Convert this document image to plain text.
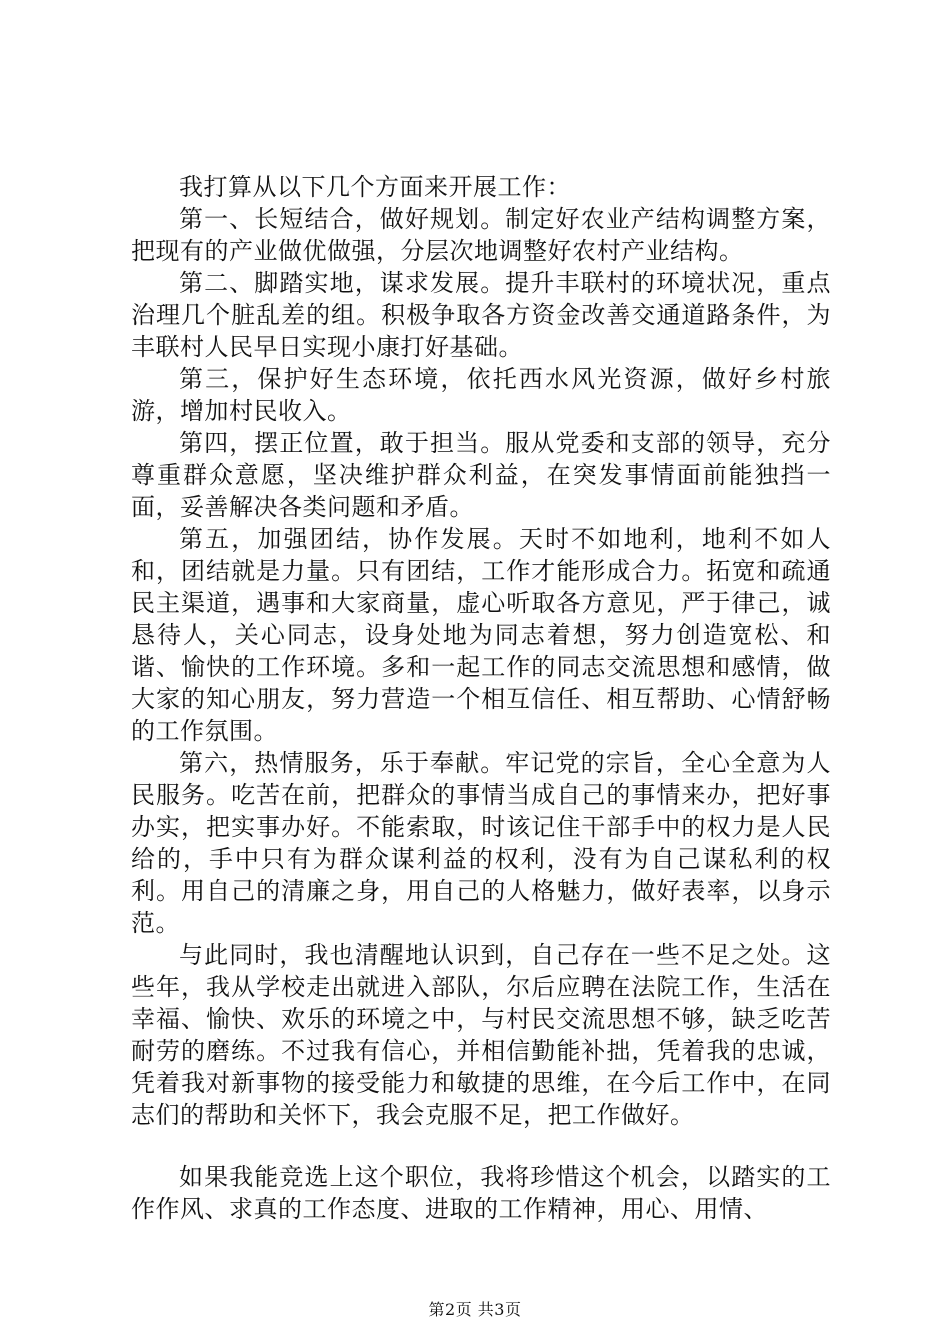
我打算从以下几个方面来开展工作：

第一、长短结合，做好规划。制定好农业产结构调整方案，把现有的产业做优做强，分层次地调整好农村产业结构。

第二、脚踏实地，谋求发展。提升丰联村的环境状况，重点治理几个脏乱差的组。积极争取各方资金改善交通道路条件，为丰联村人民早日实现小康打好基础。

第三，保护好生态环境，依托西水风光资源，做好乡村旅游，增加村民收入。

第四，摆正位置，敢于担当。服从党委和支部的领导，充分尊重群众意愿，坚决维护群众利益，在突发事情面前能独挡一面，妥善解决各类问题和矛盾。

第五，加强团结，协作发展。天时不如地利，地利不如人和，团结就是力量。只有团结，工作才能形成合力。拓宽和疏通民主渠道，遇事和大家商量，虚心听取各方意见，严于律己，诚恳待人，关心同志，设身处地为同志着想，努力创造宽松、和谐、愉快的工作环境。多和一起工作的同志交流思想和感情，做大家的知心朋友，努力营造一个相互信任、相互帮助、心情舒畅的工作氛围。

第六，热情服务，乐于奉献。牢记党的宗旨，全心全意为人民服务。吃苦在前，把群众的事情当成自己的事情来办，把好事办实，把实事办好。不能索取，时该记住干部手中的权力是人民给的，手中只有为群众谋利益的权利，没有为自己谋私利的权利。用自己的清廉之身，用自己的人格魅力，做好表率，以身示范。

与此同时，我也清醒地认识到，自己存在一些不足之处。这些年，我从学校走出就进入部队，尔后应聘在法院工作，生活在幸福、愉快、欢乐的环境之中，与村民交流思想不够，缺乏吃苦耐劳的磨练。不过我有信心，并相信勤能补拙，凭着我的忠诚，凭着我对新事物的接受能力和敏捷的思维，在今后工作中，在同志们的帮助和关怀下，我会克服不足，把工作做好。

如果我能竞选上这个职位，我将珍惜这个机会，以踏实的工作作风、求真的工作态度、进取的工作精神，用心、用情、

第2页 共3页
